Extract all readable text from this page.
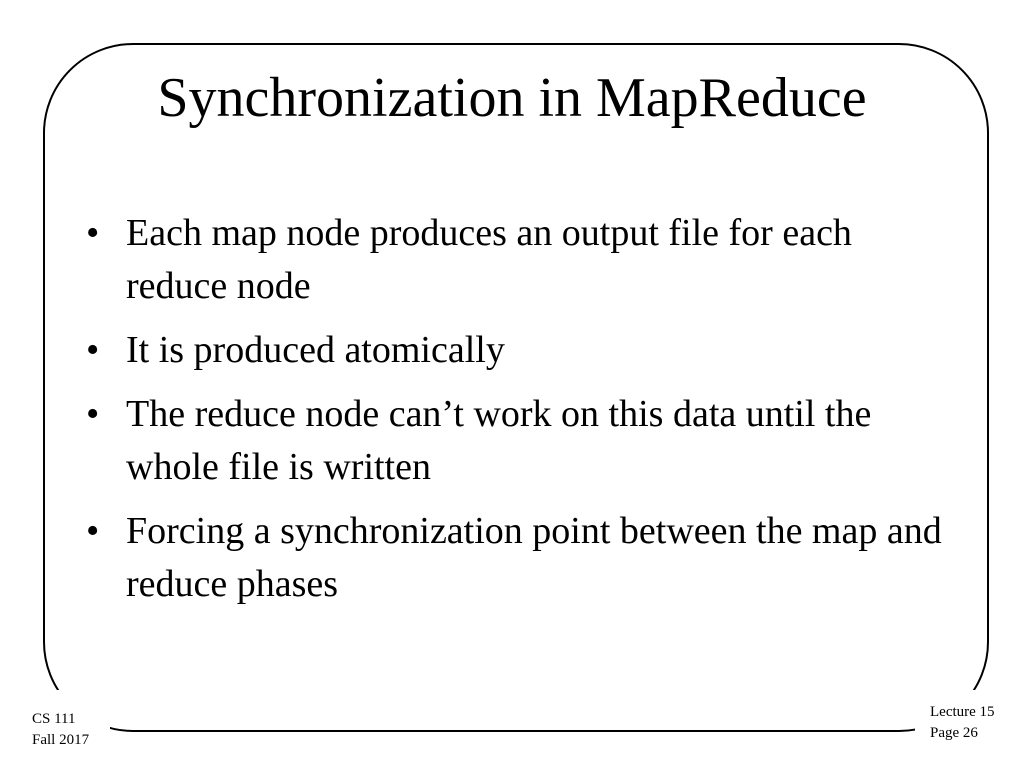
Synchronization in MapReduce
• Each map node produces an output file for each reduce node
• It is produced atomically
• The reduce node can’t work on this data until the whole file is written
• Forcing a synchronization point between the map and reduce phases
CS 111
Fall 2017
Lecture 15
Page 26
